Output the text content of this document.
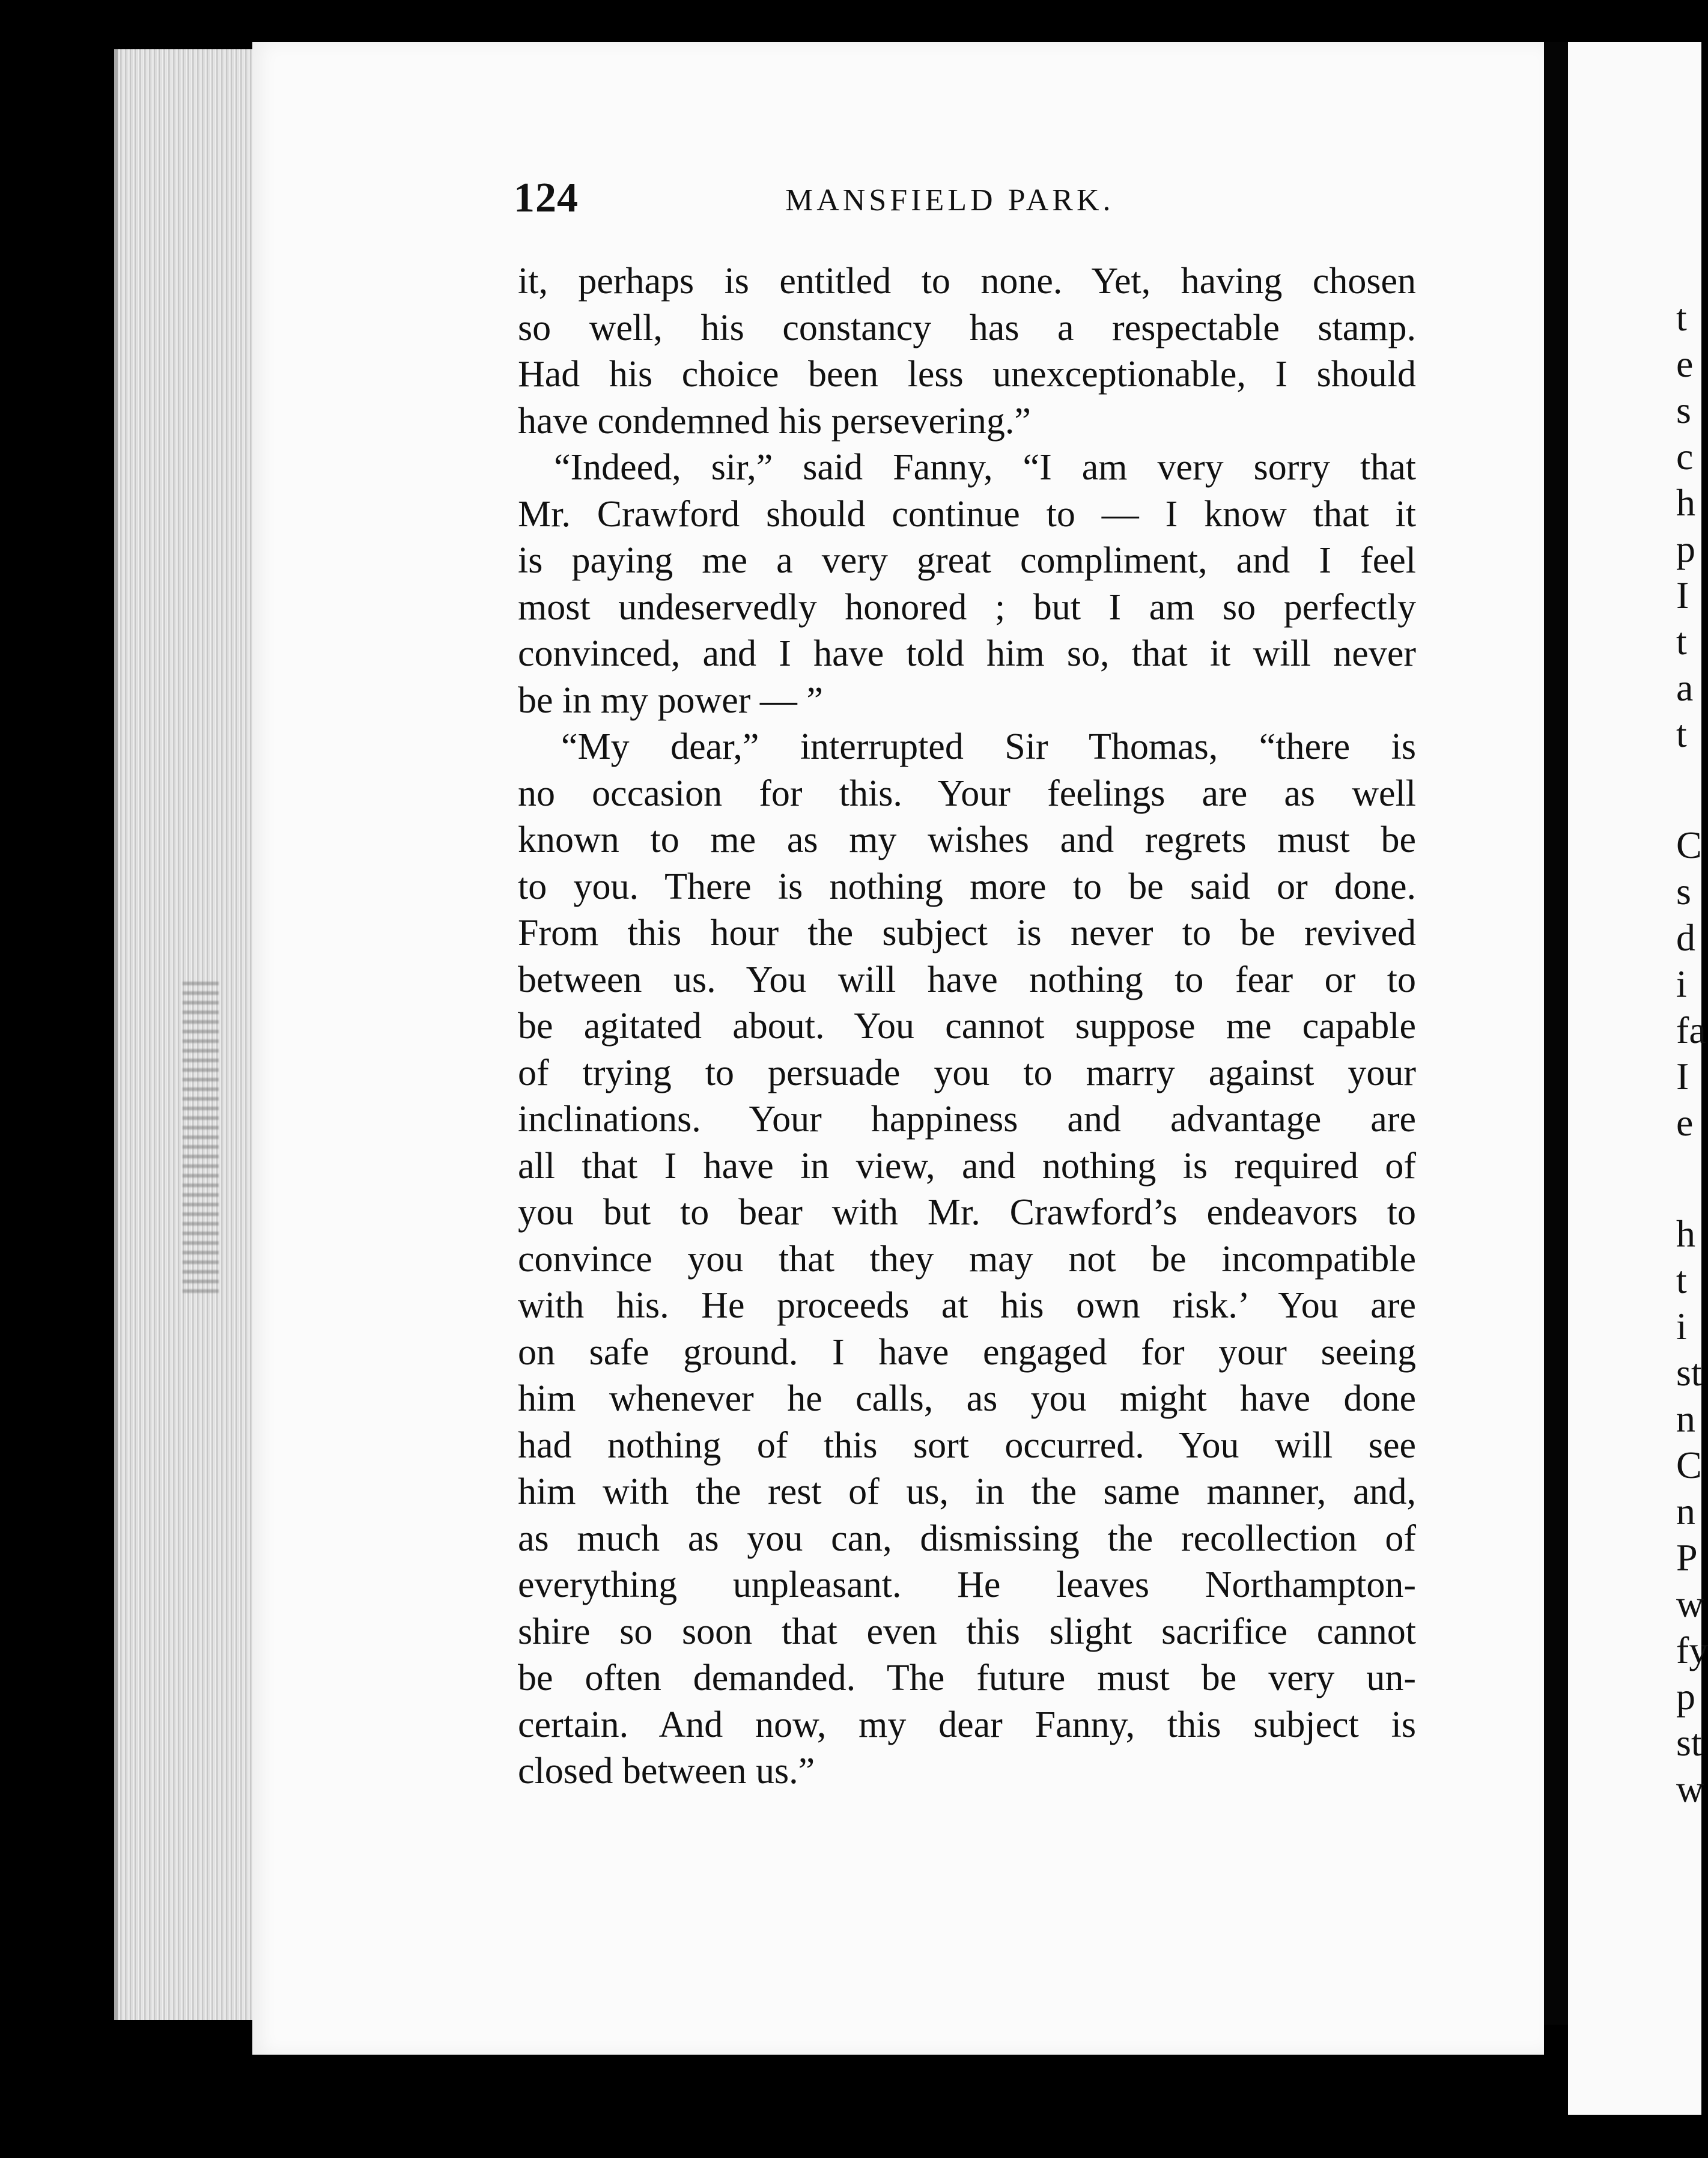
t
e
s
c
h
p
I
t
a
t
C
s
d
i
fa
I
e
h
t
i
st
n
C
n
P
w
fy
p
st
w
124	MANSFIELD PARK.
it, perhaps is entitled to none. Yet, having chosen
so well, his constancy has a respectable stamp.
Had his choice been less unexceptionable, I should
have condemned his persevering.”
“Indeed, sir,” said Fanny, “I am very sorry that
Mr. Crawford should continue to — I know that it
is paying me a very great compliment, and I feel
most undeservedly honored ; but I am so perfectly
convinced, and I have told him so, that it will never
be in my power — ”
“My dear,” interrupted Sir Thomas, “there is
no occasion for this. Your feelings are as well
known to me as my wishes and regrets must be
to you. There is nothing more to be said or done.
From this hour the subject is never to be revived
between us. You will have nothing to fear or to
be agitated about. You cannot suppose me capable
of trying to persuade you to marry against your
inclinations. Your happiness and advantage are
all that I have in view, and nothing is required of
you but to bear with Mr. Crawford’s endeavors to
convince you that they may not be incompatible
with his. He proceeds at his own risk.’ You are
on safe ground. I have engaged for your seeing
him whenever he calls, as you might have done
had nothing of this sort occurred. You will see
him with the rest of us, in the same manner, and,
as much as you can, dismissing the recollection of
everything unpleasant. He leaves Northampton-
shire so soon that even this slight sacrifice cannot
be often demanded. The future must be very un-
certain. And now, my dear Fanny, this subject is
closed between us.”
